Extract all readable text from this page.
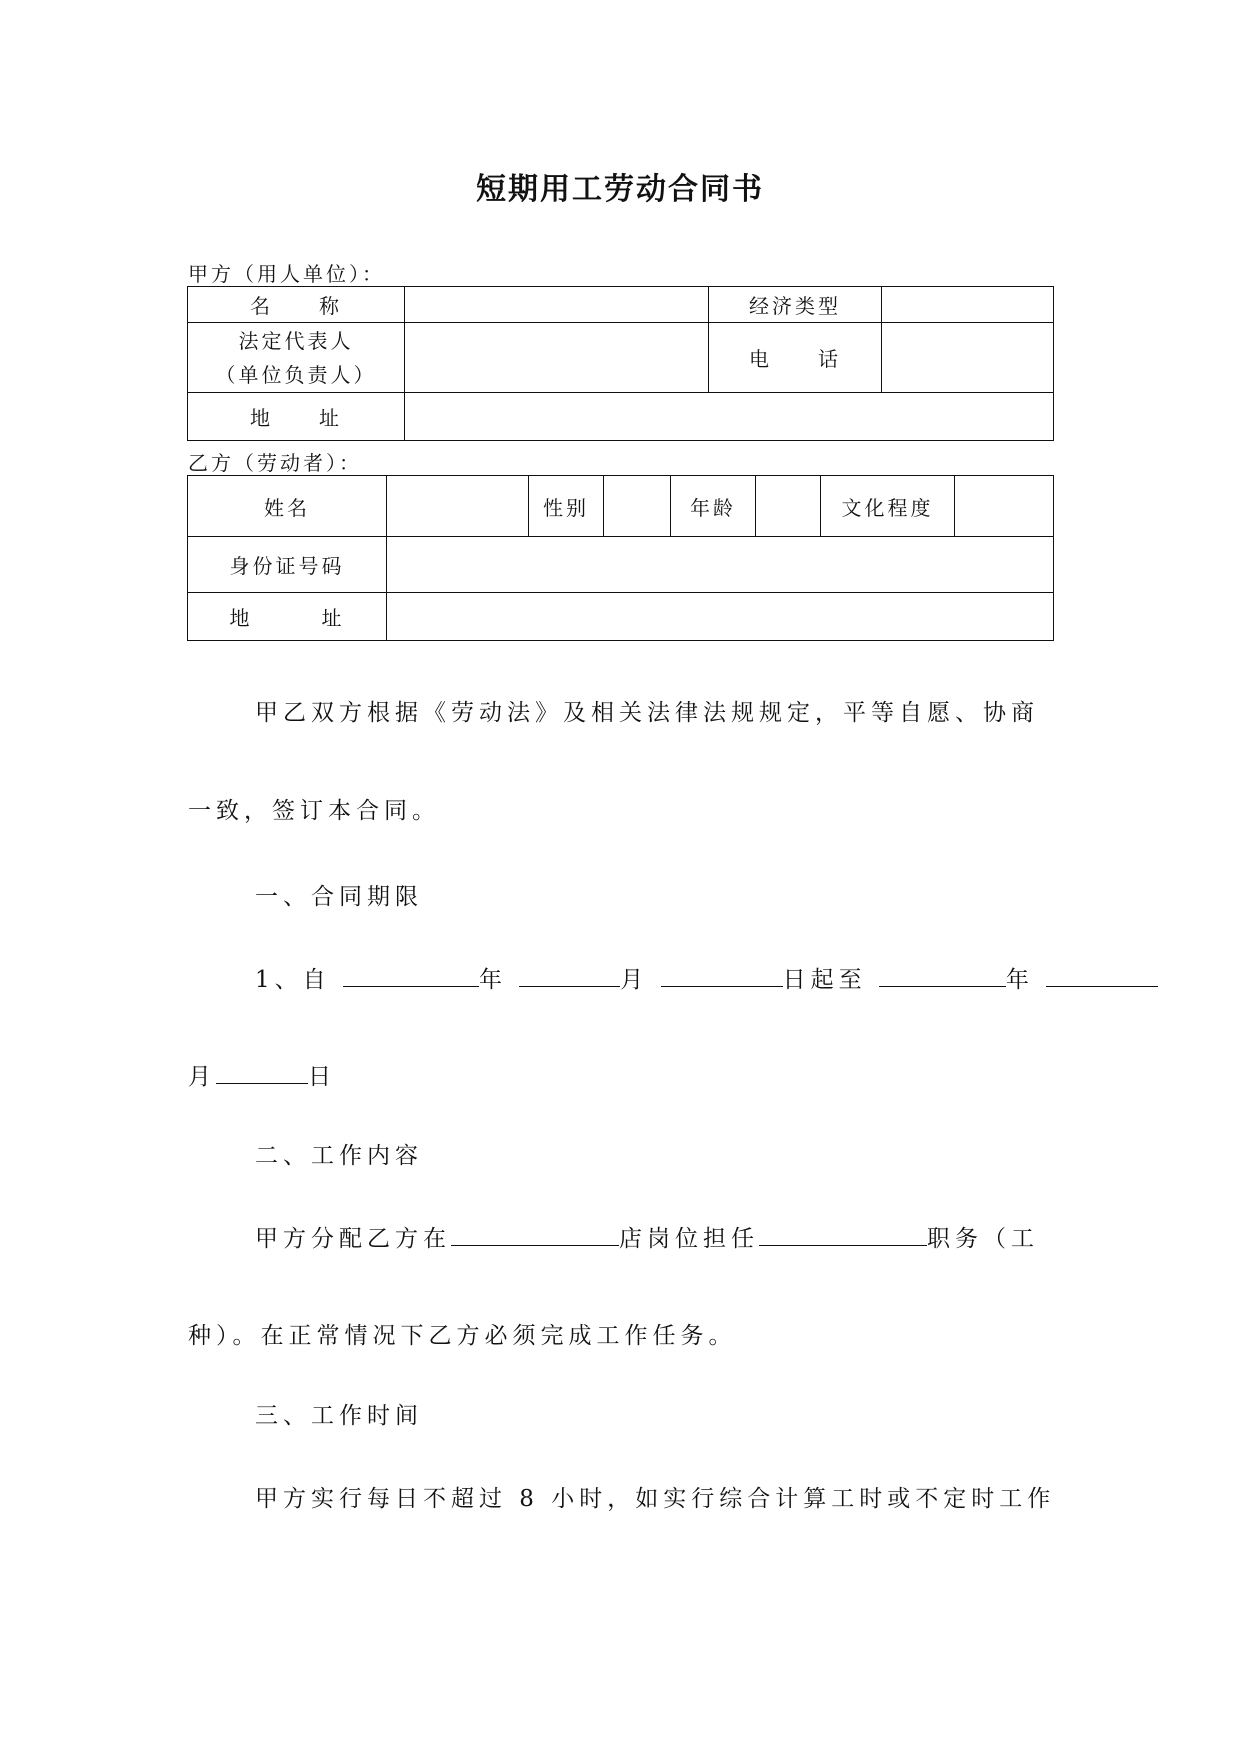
短期用工劳动合同书
甲方（用人单位）：
名　　称		经济类型	

法定代表人
（单位负责人）		电　　话	
地　　址			
乙方（劳动者）：
姓名		性别		年龄		文化程度	
身份证号码							
地　　　址							
甲乙双方根据《劳动法》及相关法律法规规定，平等自愿、协商
一致，签订本合同。
一、合同期限
1、自	年	月	日起至	年
月	日
二、工作内容
甲方分配乙方在	店岗位担任	职务（工
种）。在正常情况下乙方必须完成工作任务。
三、工作时间
甲方实行每日不超过 8 小时，如实行综合计算工时或不定时工作
